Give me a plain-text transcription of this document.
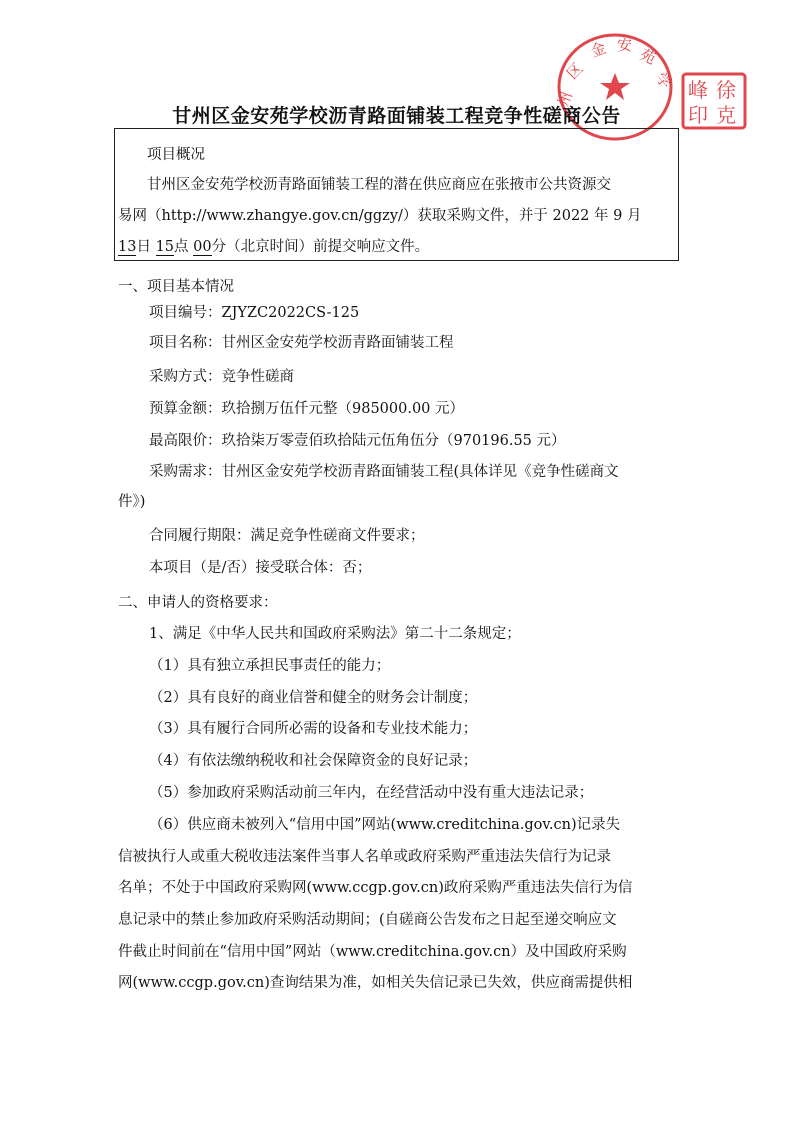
州
区
金 安
苑
学 峰 徐
印 克
甘州区金安苑学校沥青路面铺装工程竞争性磋商公告

项目概况

甘州区金安苑学校沥青路面铺装工程的潜在供应商应在张掖市公共资源交

易网（http://www.zhangye.gov.cn/ggzy/）获取采购文件，并于 2022 年 9 月

13日 15点 00分（北京时间）前提交响应文件。

一、项目基本情况

项目编号：ZJYZC2022CS-125

项目名称：甘州区金安苑学校沥青路面铺装工程

采购方式：竞争性磋商

预算金额：玖拾捌万伍仟元整（985000.00 元）

最高限价：玖拾柒万零壹佰玖拾陆元伍角伍分（970196.55 元）

采购需求：甘州区金安苑学校沥青路面铺装工程(具体详见《竞争性磋商文

件》)

合同履行期限：满足竞争性磋商文件要求；

本项目（是/否）接受联合体：否；

二、申请人的资格要求：

1、满足《中华人民共和国政府采购法》第二十二条规定；

（1）具有独立承担民事责任的能力；

（2）具有良好的商业信誉和健全的财务会计制度；

（3）具有履行合同所必需的设备和专业技术能力；

（4）有依法缴纳税收和社会保障资金的良好记录；

（5）参加政府采购活动前三年内，在经营活动中没有重大违法记录；

（6）供应商未被列入“信用中国”网站(www.creditchina.gov.cn)记录失

信被执行人或重大税收违法案件当事人名单或政府采购严重违法失信行为记录

名单；不处于中国政府采购网(www.ccgp.gov.cn)政府采购严重违法失信行为信

息记录中的禁止参加政府采购活动期间；(自磋商公告发布之日起至递交响应文

件截止时间前在“信用中国”网站（www.creditchina.gov.cn）及中国政府采购

网(www.ccgp.gov.cn)查询结果为准，如相关失信记录已失效，供应商需提供相
